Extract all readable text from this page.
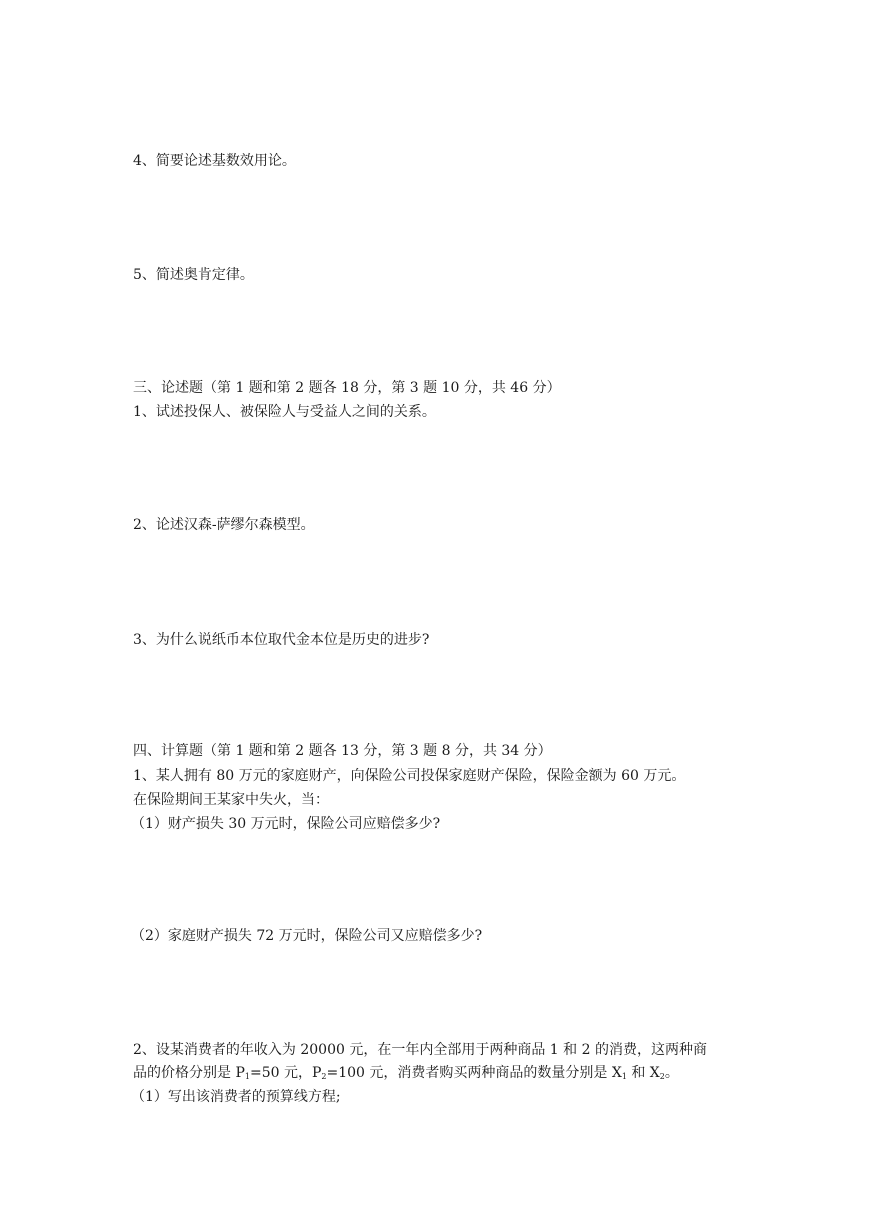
4、简要论述基数效用论。
5、简述奥肯定律。
三、论述题（第 1 题和第 2 题各 18 分，第 3 题 10 分，共 46 分）
1、试述投保人、被保险人与受益人之间的关系。
2、论述汉森-萨缪尔森模型。
3、为什么说纸币本位取代金本位是历史的进步?
四、计算题（第 1 题和第 2 题各 13 分，第 3 题 8 分，共 34 分）
1、某人拥有 80 万元的家庭财产，向保险公司投保家庭财产保险，保险金额为 60 万元。
在保险期间王某家中失火，当：
（1）财产损失 30 万元时，保险公司应赔偿多少?
（2）家庭财产损失 72 万元时，保险公司又应赔偿多少?
2、设某消费者的年收入为 20000 元，在一年内全部用于两种商品 1 和 2 的消费，这两种商
品的价格分别是 $P_1=50$ 元，$P_2=100$ 元，消费者购买两种商品的数量分别是 $X_1$ 和 $X_2$。
（1）写出该消费者的预算线方程;
